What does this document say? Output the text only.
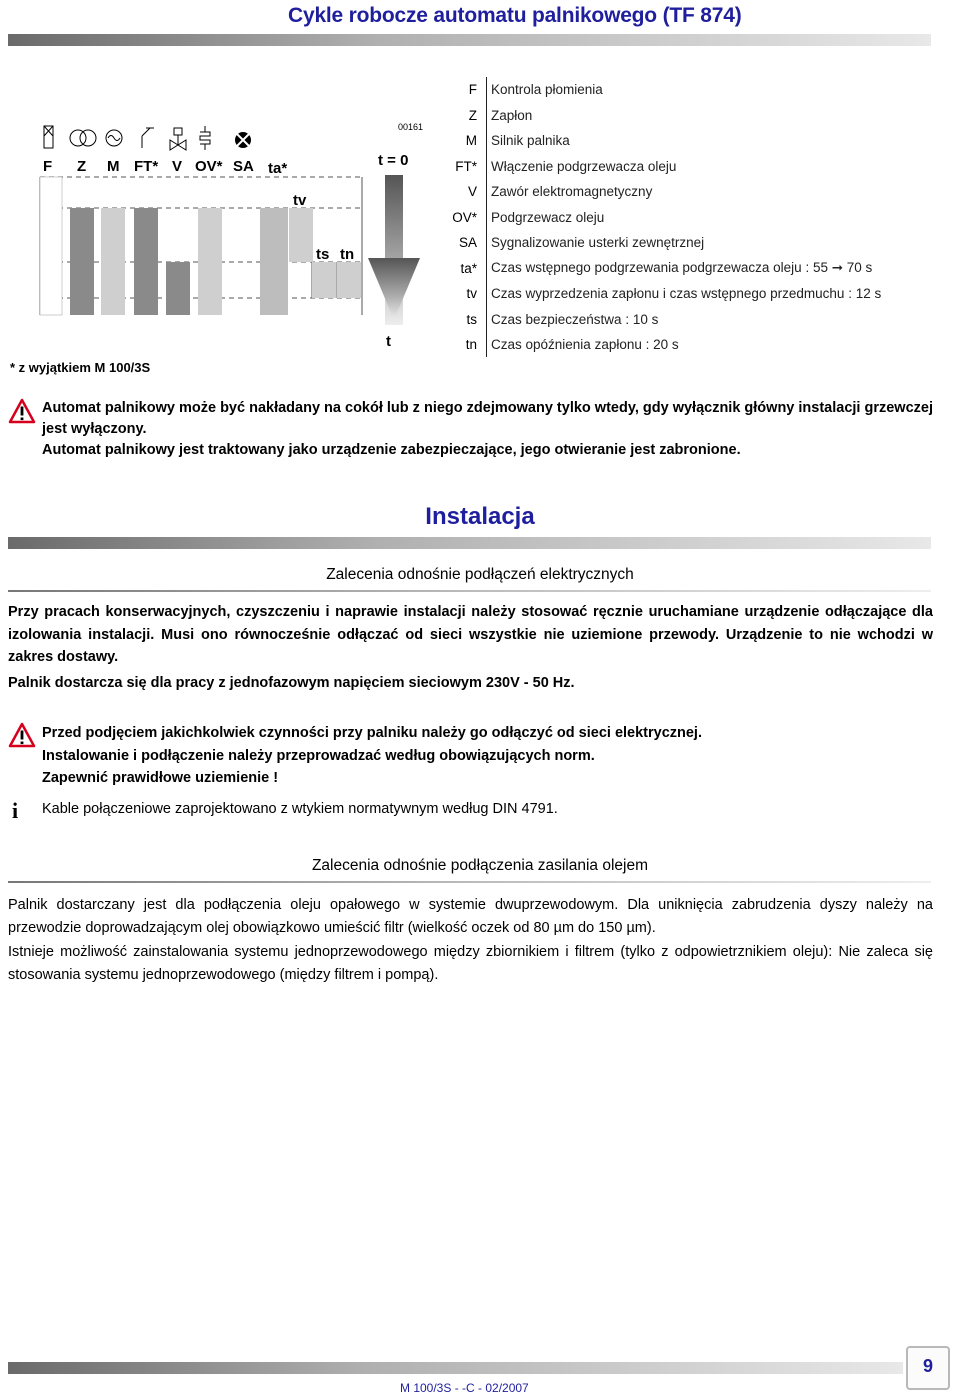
Cykle robocze automatu palnikowego (TF 874)
F Z M FT* V OV* SA ta*
tv
ts tn
00161
t = 0
t
* z wyjątkiem M 100/3S
F	Kontrola płomienia
Z	Zapłon
M	Silnik palnika
FT*	Włączenie podgrzewacza oleju
V	Zawór elektromagnetyczny
OV*	Podgrzewacz oleju
SA	Sygnalizowanie usterki zewnętrznej
ta*	Czas wstępnego podgrzewania podgrzewacza oleju : 55 ➞ 70 s
tv	Czas wyprzedzenia zapłonu i czas wstępnego przedmuchu : 12 s
ts	Czas bezpieczeństwa : 10 s
tn	Czas opóźnienia zapłonu : 20 s
Automat palnikowy może być nakładany na cokół lub z niego zdejmowany tylko wtedy, gdy wyłącznik główny instalacji grzewczej jest wyłączony.
Automat palnikowy jest traktowany jako urządzenie zabezpieczające, jego otwieranie jest zabronione.
Instalacja
Zalecenia odnośnie podłączeń elektrycznych
Przy pracach konserwacyjnych, czyszczeniu i naprawie instalacji należy stosować ręcznie uruchamiane urządzenie odłączające dla izolowania instalacji. Musi ono równocześnie odłączać od sieci wszystkie nie uziemione przewody. Urządzenie to nie wchodzi w zakres dostawy.
Palnik dostarcza się dla pracy z jednofazowym napięciem sieciowym 230V - 50 Hz.
Przed podjęciem jakichkolwiek czynności przy palniku należy go odłączyć od sieci elektrycznej.
Instalowanie i podłączenie należy przeprowadzać według obowiązujących norm.
Zapewnić prawidłowe uziemienie !
i	Kable połączeniowe zaprojektowano z wtykiem normatywnym według DIN 4791.
Zalecenia odnośnie podłączenia zasilania olejem
Palnik dostarczany jest dla podłączenia oleju opałowego w systemie dwuprzewodowym. Dla uniknięcia zabrudzenia dyszy należy na przewodzie doprowadzającym olej obowiązkowo umieścić filtr (wielkość oczek od 80 µm do 150 µm).
Istnieje możliwość zainstalowania systemu jednoprzewodowego między zbiornikiem i filtrem (tylko z odpowietrznikiem oleju): Nie zaleca się stosowania systemu jednoprzewodowego (między filtrem i pompą).
M 100/3S - -C - 02/2007
9
